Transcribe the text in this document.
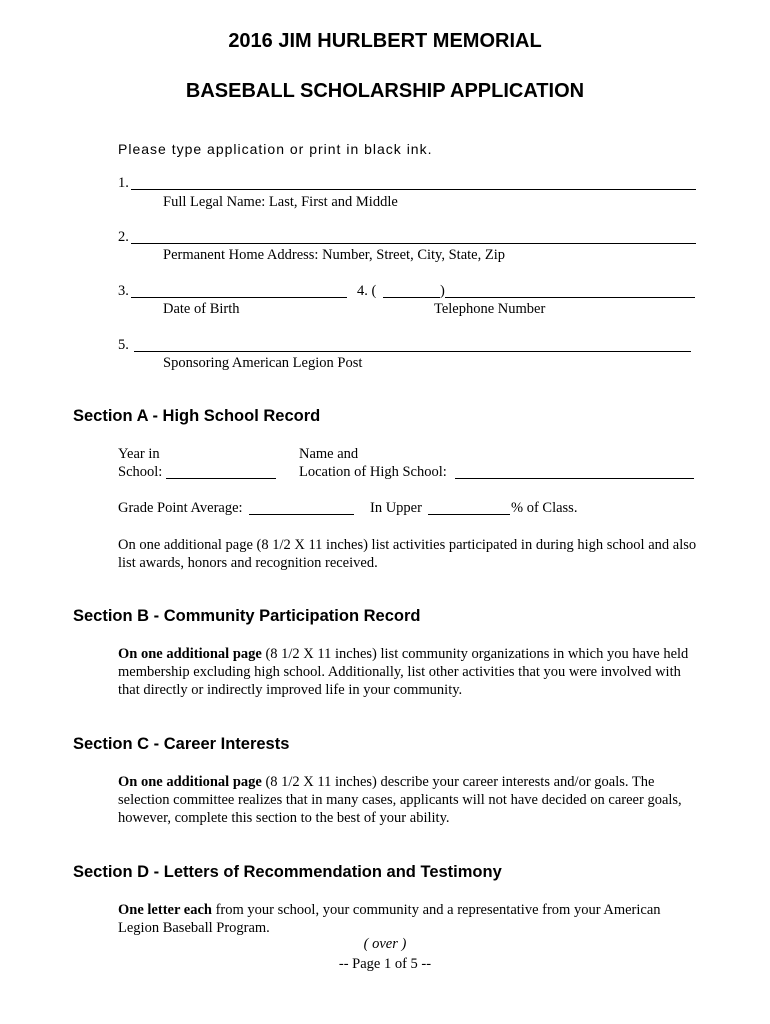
2016 JIM HURLBERT MEMORIAL
BASEBALL SCHOLARSHIP APPLICATION
Please type application or print in black ink.
1.
Full Legal Name: Last, First and Middle
2.
Permanent Home Address: Number, Street, City, State, Zip
3.	4. (	)
Date of Birth	Telephone Number
5.
Sponsoring American Legion Post
Section A - High School Record
Year in
School:
Name and
Location of High School:
Grade Point Average:	In Upper	% of Class.
On one additional page (8 1/2 X 11 inches) list activities participated in during high school and also list awards, honors and recognition received.
Section B - Community Participation Record
On one additional page (8 1/2 X 11 inches) list community organizations in which you have held membership excluding high school. Additionally, list other activities that you were involved with that directly or indirectly improved life in your community.
Section C - Career Interests
On one additional page (8 1/2 X 11 inches) describe your career interests and/or goals. The selection committee realizes that in many cases, applicants will not have decided on career goals, however, complete this section to the best of your ability.
Section D - Letters of Recommendation and Testimony
One letter each from your school, your community and a representative from your American Legion Baseball Program.
( over )
-- Page 1 of 5 --
